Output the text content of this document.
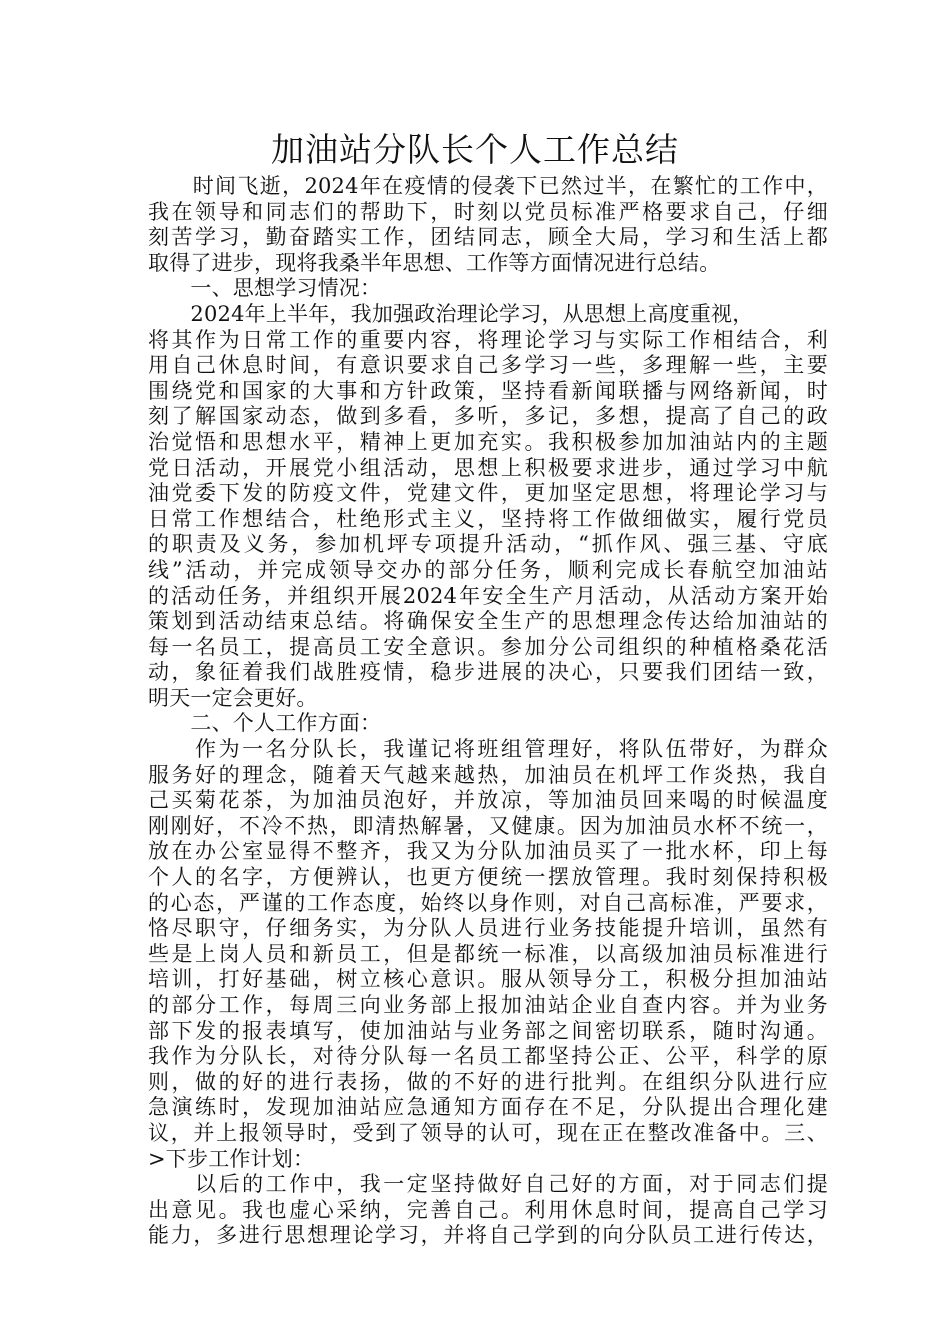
加油站分队长个人工作总结
　　时间飞逝，2024年在疫情的侵袭下已然过半，在繁忙的工作中，
我在领导和同志们的帮助下，时刻以党员标准严格要求自己，仔细
刻苦学习，勤奋踏实工作，团结同志，顾全大局，学习和生活上都
取得了进步，现将我桑半年思想、工作等方面情况进行总结。
　　一、思想学习情况：
　　2024年上半年，我加强政治理论学习，从思想上高度重视，
将其作为日常工作的重要内容，将理论学习与实际工作相结合，利
用自己休息时间，有意识要求自己多学习一些，多理解一些，主要
围绕党和国家的大事和方针政策，坚持看新闻联播与网络新闻，时
刻了解国家动态，做到多看，多听，多记，多想，提高了自己的政
治觉悟和思想水平，精神上更加充实。我积极参加加油站内的主题
党日活动，开展党小组活动，思想上积极要求进步，通过学习中航
油党委下发的防疫文件，党建文件，更加坚定思想，将理论学习与
日常工作想结合，杜绝形式主义，坚持将工作做细做实，履行党员
的职责及义务，参加机坪专项提升活动，“抓作风、强三基、守底
线”活动，并完成领导交办的部分任务，顺利完成长春航空加油站
的活动任务，并组织开展2024年安全生产月活动，从活动方案开始
策划到活动结束总结。将确保安全生产的思想理念传达给加油站的
每一名员工，提高员工安全意识。参加分公司组织的种植格桑花活
动，象征着我们战胜疫情，稳步进展的决心，只要我们团结一致，
明天一定会更好。
　　二、个人工作方面：
　　作为一名分队长，我谨记将班组管理好，将队伍带好，为群众
服务好的理念，随着天气越来越热，加油员在机坪工作炎热，我自
己买菊花茶，为加油员泡好，并放凉，等加油员回来喝的时候温度
刚刚好，不冷不热，即清热解暑，又健康。因为加油员水杯不统一，
放在办公室显得不整齐，我又为分队加油员买了一批水杯，印上每
个人的名字，方便辨认，也更方便统一摆放管理。我时刻保持积极
的心态，严谨的工作态度，始终以身作则，对自己高标准，严要求，
恪尽职守，仔细务实，为分队人员进行业务技能提升培训，虽然有
些是上岗人员和新员工，但是都统一标准，以高级加油员标准进行
培训，打好基础，树立核心意识。服从领导分工，积极分担加油站
的部分工作，每周三向业务部上报加油站企业自查内容。并为业务
部下发的报表填写，使加油站与业务部之间密切联系，随时沟通。
我作为分队长，对待分队每一名员工都坚持公正、公平，科学的原
则，做的好的进行表扬，做的不好的进行批判。在组织分队进行应
急演练时，发现加油站应急通知方面存在不足，分队提出合理化建
议，并上报领导时，受到了领导的认可，现在正在整改准备中。三、
>下步工作计划：
　　以后的工作中，我一定坚持做好自己好的方面，对于同志们提
出意见。我也虚心采纳，完善自己。利用休息时间，提高自己学习
能力，多进行思想理论学习，并将自己学到的向分队员工进行传达，
